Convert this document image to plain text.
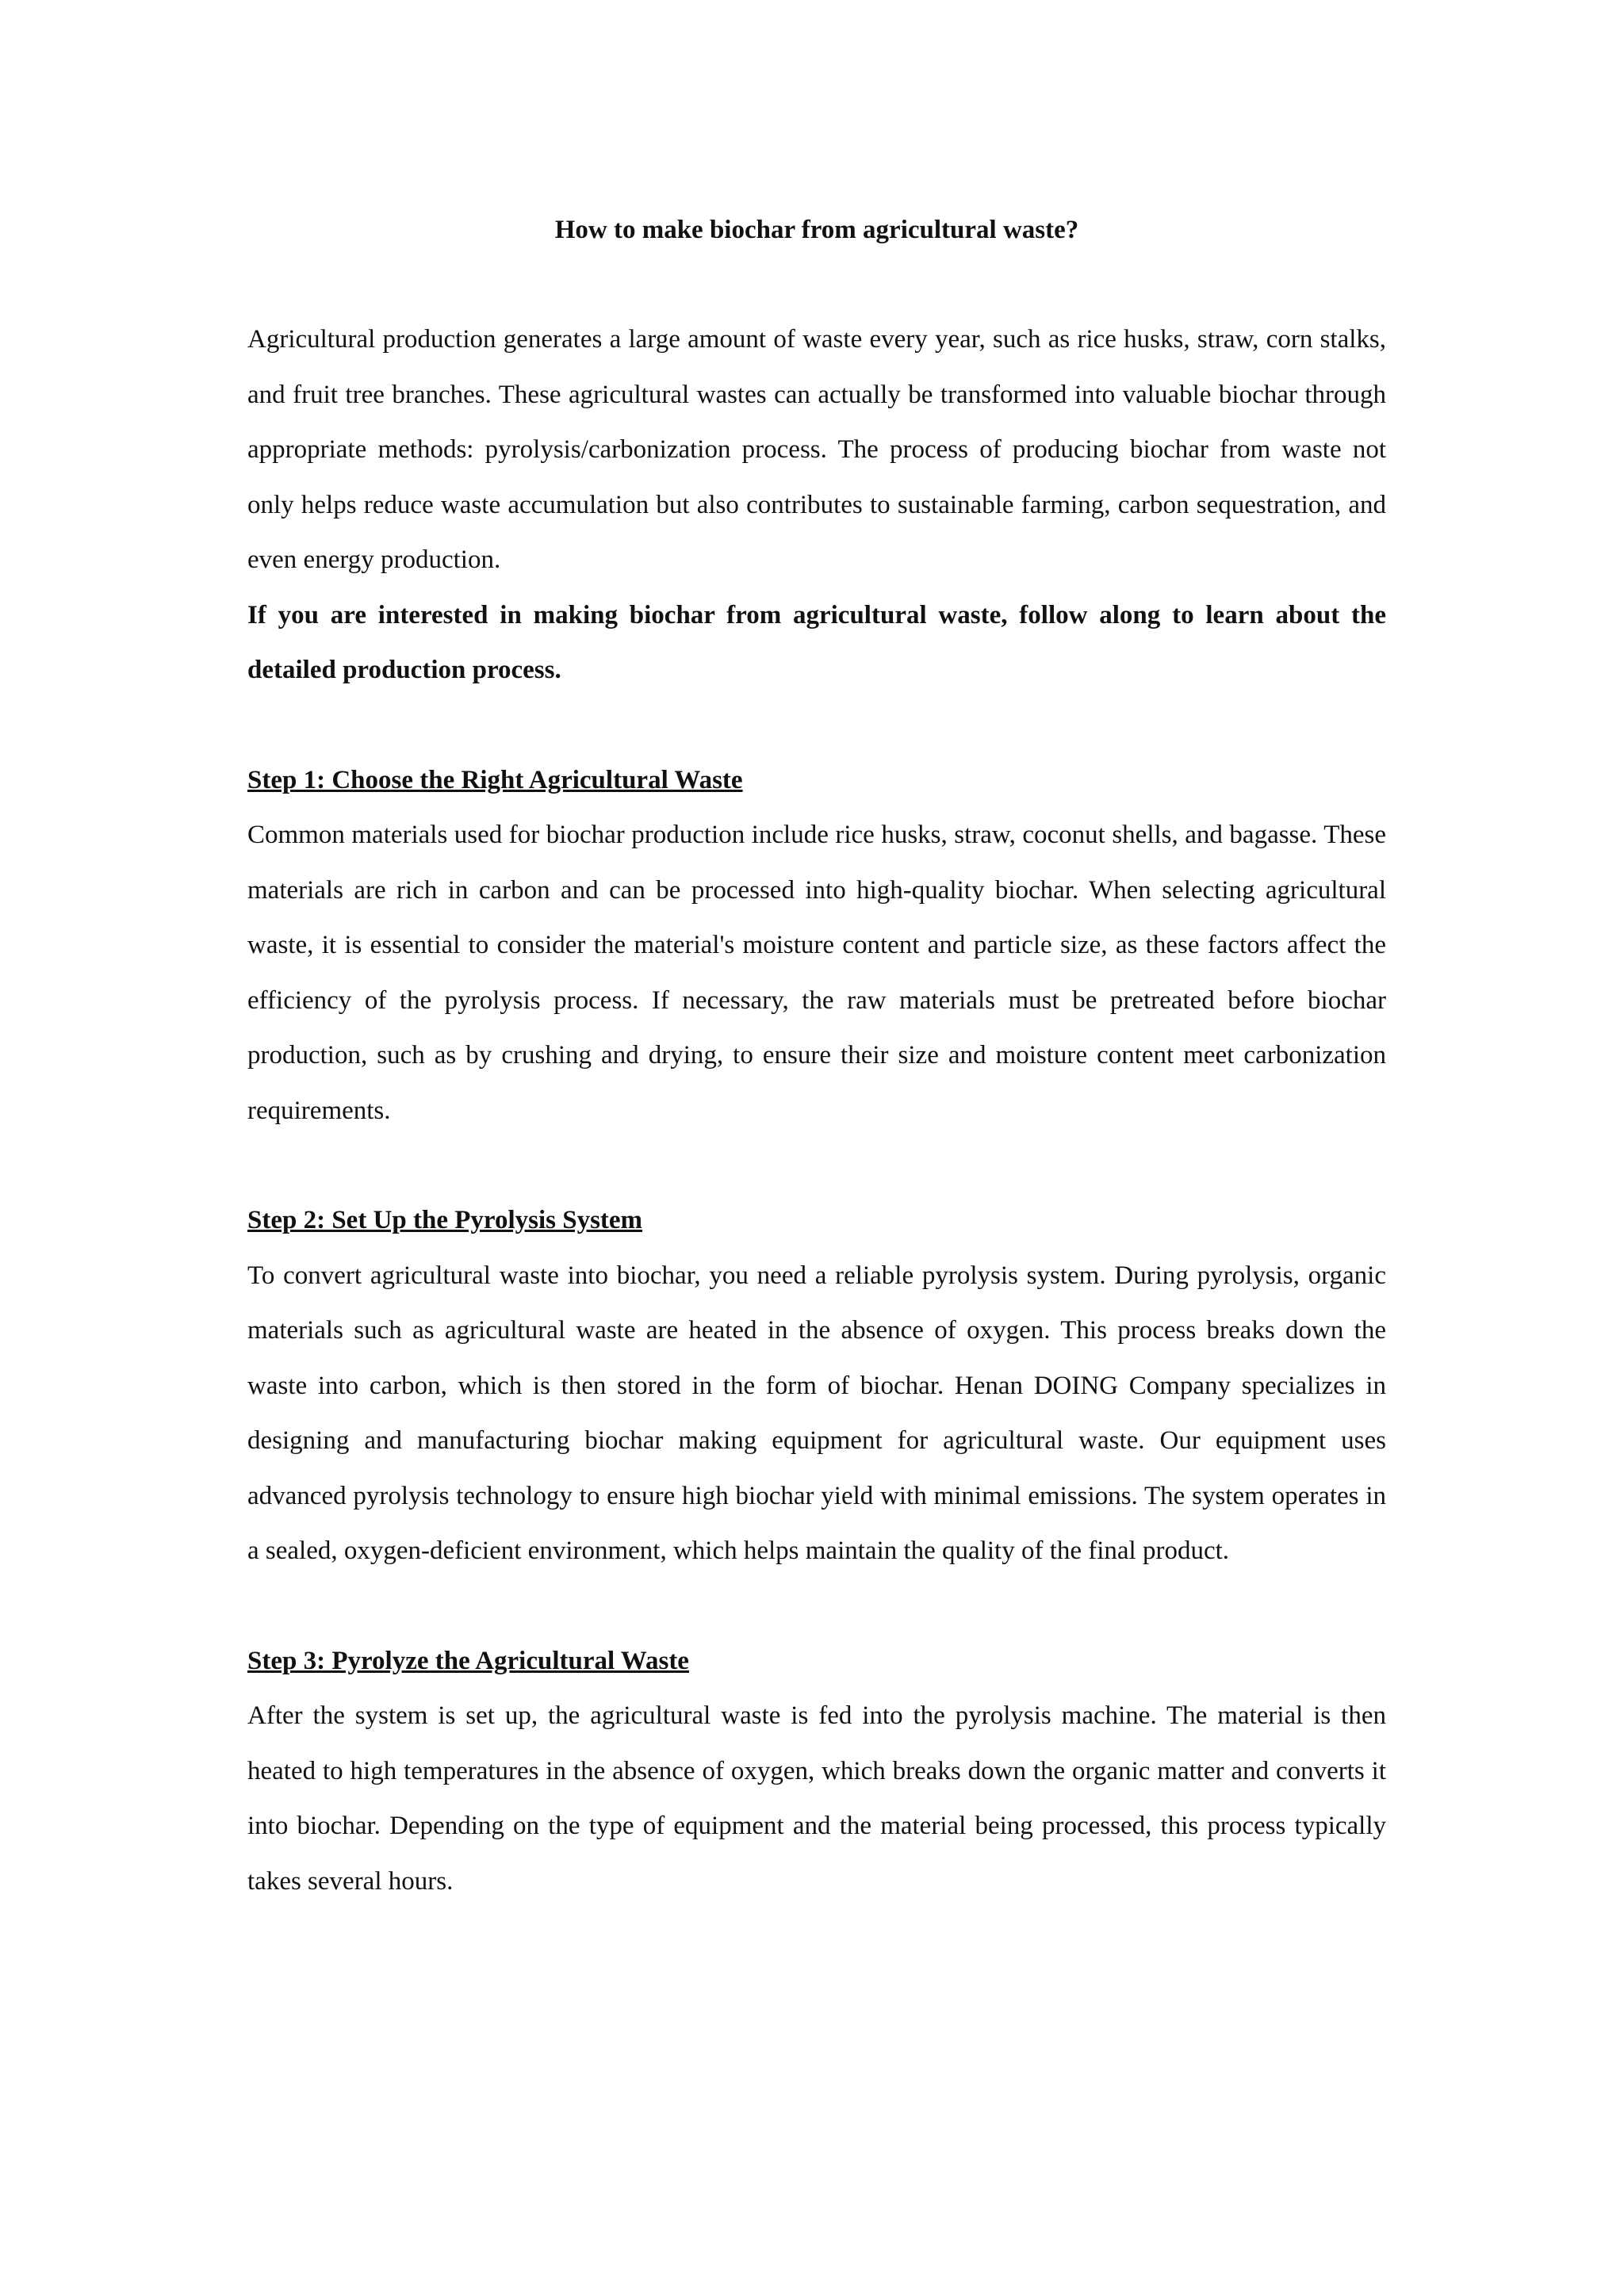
How to make biochar from agricultural waste?

Agricultural production generates a large amount of waste every year, such as rice husks, straw, corn stalks, and fruit tree branches. These agricultural wastes can actually be transformed into valuable biochar through appropriate methods: pyrolysis/carbonization process. The process of producing biochar from waste not only helps reduce waste accumulation but also contributes to sustainable farming, carbon sequestration, and even energy production.

If you are interested in making biochar from agricultural waste, follow along to learn about the detailed production process.

Step 1: Choose the Right Agricultural Waste

Common materials used for biochar production include rice husks, straw, coconut shells, and bagasse. These materials are rich in carbon and can be processed into high-quality biochar. When selecting agricultural waste, it is essential to consider the material's moisture content and particle size, as these factors affect the efficiency of the pyrolysis process. If necessary, the raw materials must be pretreated before biochar production, such as by crushing and drying, to ensure their size and moisture content meet carbonization requirements.

Step 2: Set Up the Pyrolysis System

To convert agricultural waste into biochar, you need a reliable pyrolysis system. During pyrolysis, organic materials such as agricultural waste are heated in the absence of oxygen. This process breaks down the waste into carbon, which is then stored in the form of biochar. Henan DOING Company specializes in designing and manufacturing biochar making equipment for agricultural waste. Our equipment uses advanced pyrolysis technology to ensure high biochar yield with minimal emissions. The system operates in a sealed, oxygen-deficient environment, which helps maintain the quality of the final product.

Step 3: Pyrolyze the Agricultural Waste

After the system is set up, the agricultural waste is fed into the pyrolysis machine. The material is then heated to high temperatures in the absence of oxygen, which breaks down the organic matter and converts it into biochar. Depending on the type of equipment and the material being processed, this process typically takes several hours.
